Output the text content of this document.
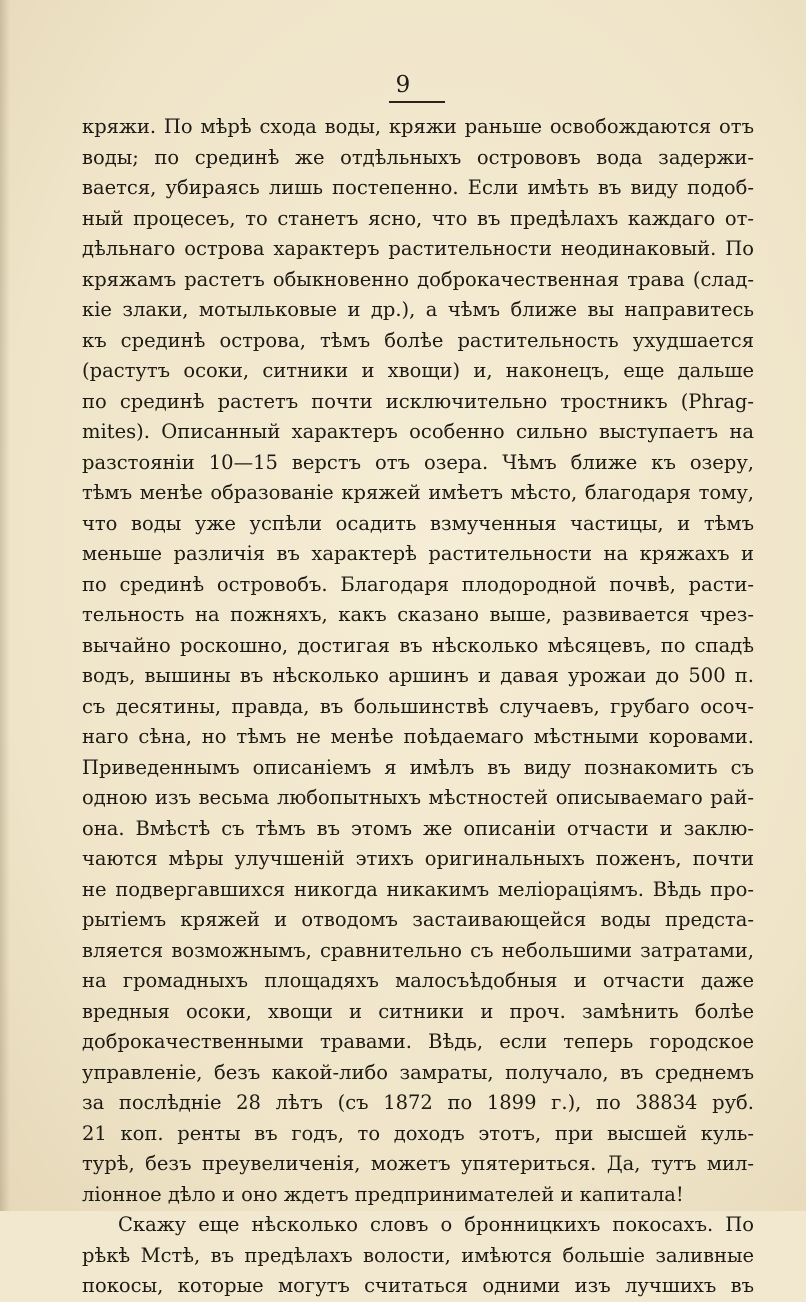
9
кряжи. По мѣрѣ схода воды, кряжи раньше освобождаются отъ
воды; по срединѣ же отдѣльныхъ острововъ вода задержи-
вается, убираясь лишь постепенно. Если имѣть въ виду подоб-
ный процесеъ, то станетъ ясно, что въ предѣлахъ каждаго от-
дѣльнаго острова характеръ растительности неодинаковый. По
кряжамъ растетъ обыкновенно доброкачественная трава (слад-
кіе злаки, мотыльковые и др.), а чѣмъ ближе вы направитесь
къ срединѣ острова, тѣмъ болѣе растительность ухудшается
(растутъ осоки, ситники и хвощи) и, наконецъ, еще дальше
по срединѣ растетъ почти исключительно тростникъ (Phrag-
mites). Описанный характеръ особенно сильно выступаетъ на
разстояніи 10—15 верстъ отъ озера. Чѣмъ ближе къ озеру,
тѣмъ менѣе образованіе кряжей имѣетъ мѣсто, благодаря тому,
что воды уже успѣли осадить взмученныя частицы, и тѣмъ
меньше различія въ характерѣ растительности на кряжахъ и
по срединѣ островобъ. Благодаря плодородной почвѣ, расти-
тельность на пожняхъ, какъ сказано выше, развивается чрез-
вычайно роскошно, достигая въ нѣсколько мѣсяцевъ, по спадѣ
водъ, вышины въ нѣсколько аршинъ и давая урожаи до 500 п.
съ десятины, правда, въ большинствѣ случаевъ, грубаго осоч-
наго сѣна, но тѣмъ не менѣе поѣдаемаго мѣстными коровами.
Приведеннымъ описаніемъ я имѣлъ въ виду познакомить съ
одною изъ весьма любопытныхъ мѣстностей описываемаго рай-
она. Вмѣстѣ съ тѣмъ въ этомъ же описаніи отчасти и заклю-
чаются мѣры улучшеній этихъ оригинальныхъ поженъ, почти
не подвергавшихся никогда никакимъ меліораціямъ. Вѣдь про-
рытіемъ кряжей и отводомъ застаивающейся воды предста-
вляется возможнымъ, сравнительно съ небольшими затратами,
на громадныхъ площадяхъ малосъѣдобныя и отчасти даже
вредныя осоки, хвощи и ситники и проч. замѣнить болѣе
доброкачественными травами. Вѣдь, если теперь городское
управленіе, безъ какой-либо замраты, получало, въ среднемъ
за послѣдніе 28 лѣтъ (съ 1872 по 1899 г.), по 38834 руб.
21 коп. ренты въ годъ, то доходъ этотъ, при высшей куль-
турѣ, безъ преувеличенія, можетъ упятериться. Да, тутъ мил-
ліонное дѣло и оно ждетъ предпринимателей и капитала!
Скажу еще нѣсколько словъ о бронницкихъ покосахъ. По
рѣкѣ Мстѣ, въ предѣлахъ волости, имѣются большіе заливные
покосы, которые могутъ считаться одними изъ лучшихъ въ
